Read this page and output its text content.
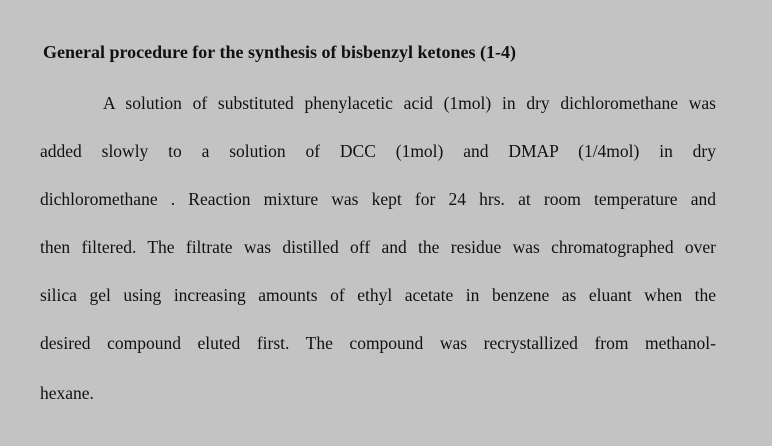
General procedure for the synthesis of bisbenzyl ketones (1-4)
A solution of substituted phenylacetic acid (1mol) in dry dichloromethane was
added slowly to a solution of DCC (1mol) and DMAP (1/4mol) in dry
dichloromethane . Reaction mixture was kept for 24 hrs. at room temperature and
then filtered. The filtrate was distilled off and the residue was chromatographed over
silica gel using increasing amounts of ethyl acetate in benzene as eluant when the
desired compound eluted first. The compound was recrystallized from methanol-
hexane.
